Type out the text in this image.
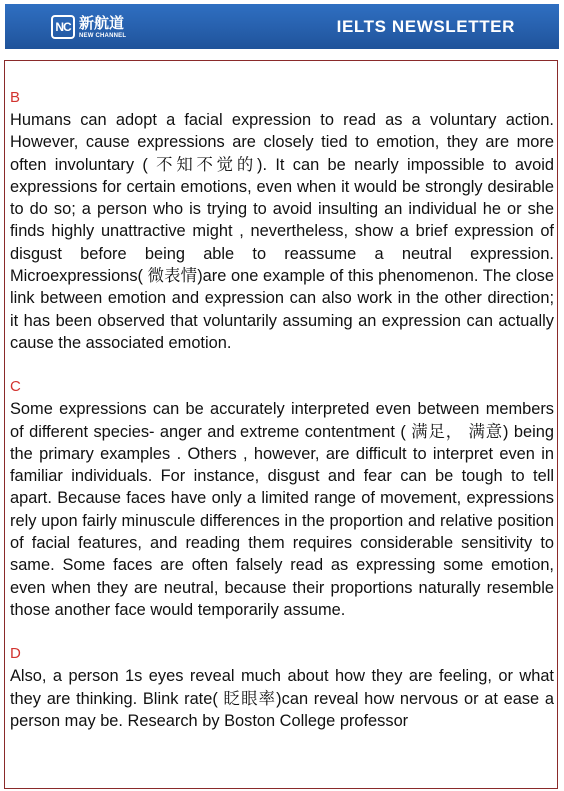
NC 新航道
NEW CHANNEL	IELTS NEWSLETTER
B

Humans can adopt a facial expression to read as a voluntary action. However, cause expressions are closely tied to emotion, they are more often involuntary ( 不知不觉的). It can be nearly impossible to avoid expressions for certain emotions, even when it would be strongly desirable to do so; a person who is trying to avoid insulting an individual he or she finds highly unattractive might , nevertheless, show a brief expression of disgust before being able to reassume a neutral expression. Microexpressions( 微表情)are one example of this phenomenon. The close link between emotion and expression can also work in the other direction; it has been observed that voluntarily assuming an expression can actually cause the associated emotion.

C

Some expressions can be accurately interpreted even between members of different species- anger and extreme contentment ( 满足， 满意) being the primary examples . Others , however, are difficult to interpret even in familiar individuals. For instance, disgust and fear can be tough to tell apart. Because faces have only a limited range of movement, expressions rely upon fairly minuscule differences in the proportion and relative position of facial features, and reading them requires considerable sensitivity to same. Some faces are often falsely read as expressing some emotion, even when they are neutral, because their proportions naturally resemble those another face would temporarily assume.

D

Also, a person 1s eyes reveal much about how they are feeling, or what they are thinking. Blink rate( 眨眼率)can reveal how nervous or at ease a person may be. Research by Boston College professor
